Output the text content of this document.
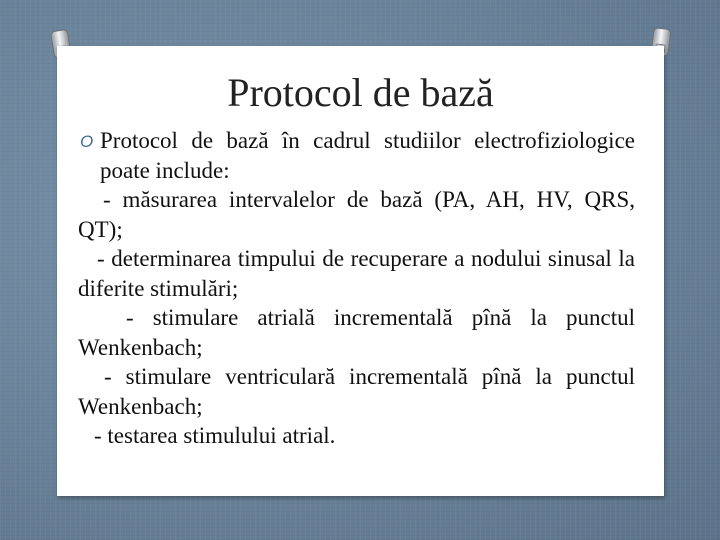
Protocol de bază

O Protocol de bază în cadrul studiilor electrofiziologice poate include:

- măsurarea intervalelor de bază (PA, AH, HV, QRS, QT);

- determinarea timpului de recuperare a nodului sinusal la diferite stimulări;

- stimulare atrială incrementală pînă la punctul Wenkenbach;

- stimulare ventriculară incrementală pînă la punctul Wenkenbach;

- testarea stimulului atrial.
